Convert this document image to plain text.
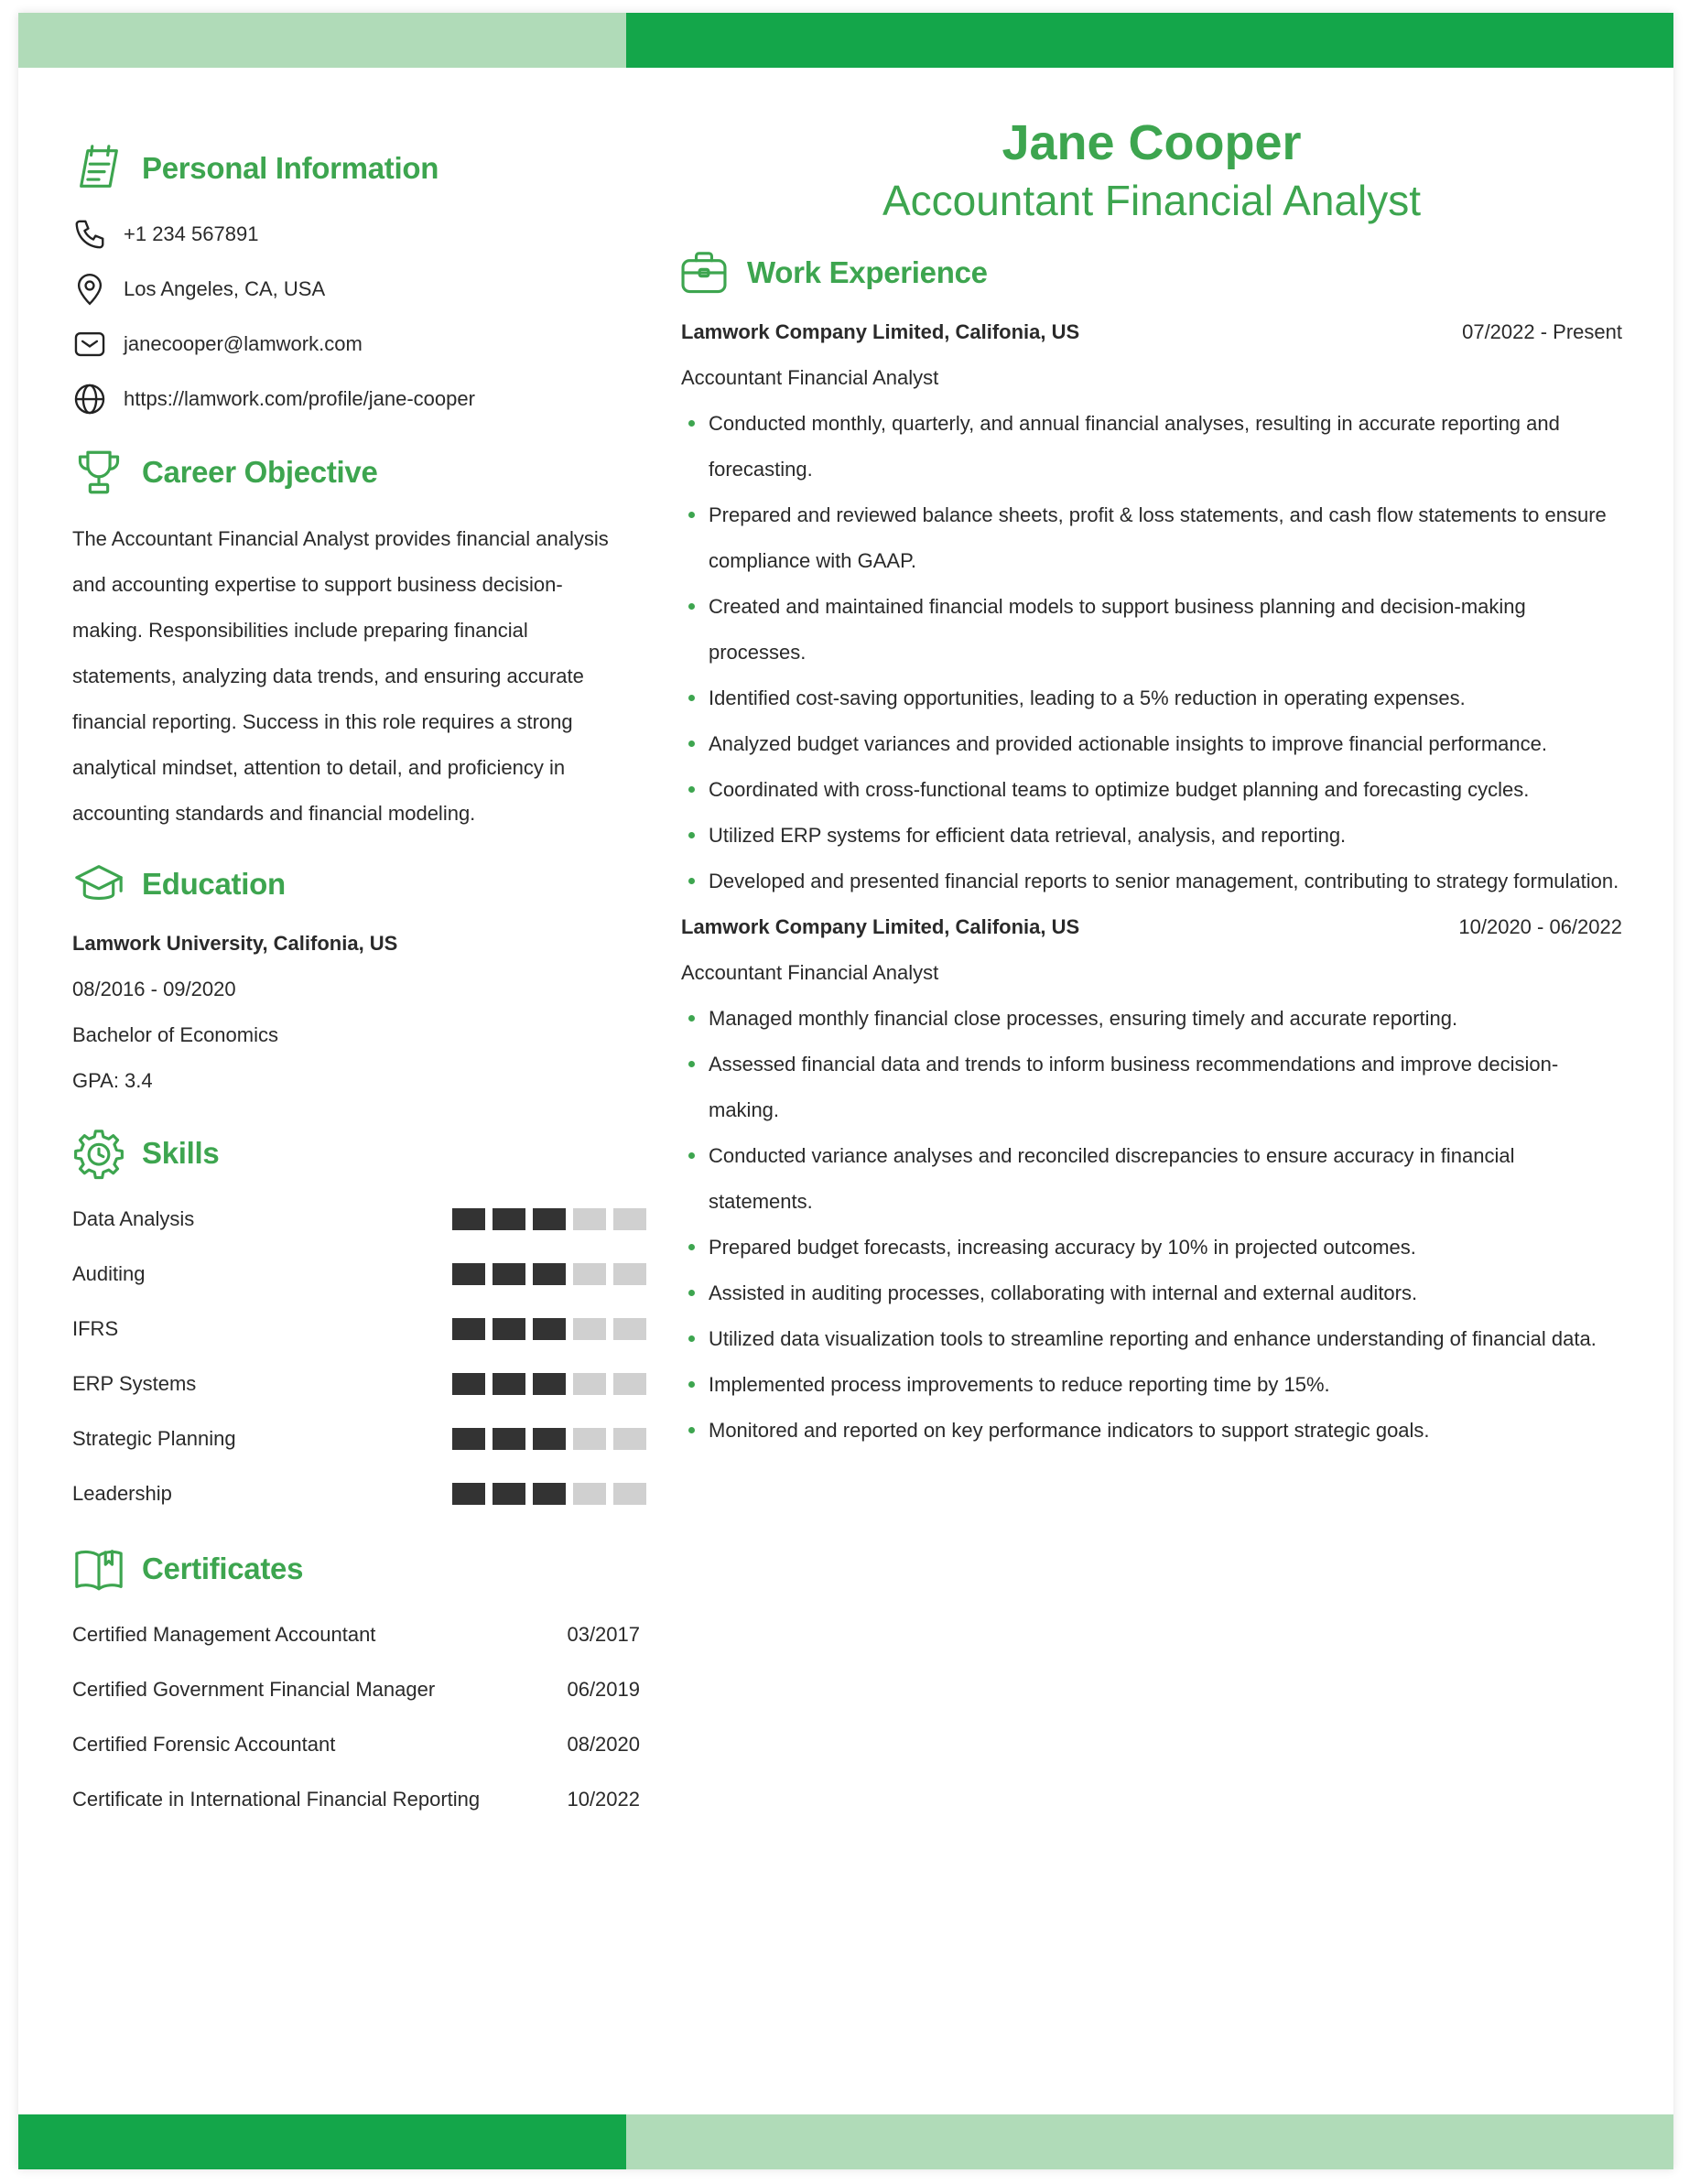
Personal Information
+1 234 567891
Los Angeles, CA, USA
janecooper@lamwork.com
https://lamwork.com/profile/jane-cooper
Career Objective
The Accountant Financial Analyst provides financial analysis
and accounting expertise to support business decision-
making. Responsibilities include preparing financial
statements, analyzing data trends, and ensuring accurate
financial reporting. Success in this role requires a strong
analytical mindset, attention to detail, and proficiency in
accounting standards and financial modeling.
Education
Lamwork University, Califonia, US
08/2016 - 09/2020
Bachelor of Economics
GPA: 3.4
Skills
Data Analysis
Auditing
IFRS
ERP Systems
Strategic Planning
Leadership
Certificates
Certified Management Accountant	03/2017
Certified Government Financial Manager	06/2019
Certified Forensic Accountant	08/2020
Certificate in International Financial Reporting	10/2022
Jane Cooper
Accountant Financial Analyst
Work Experience
Lamwork Company Limited, Califonia, US	07/2022 - Present
Accountant Financial Analyst
Conducted monthly, quarterly, and annual financial analyses, resulting in accurate reporting and
forecasting.
Prepared and reviewed balance sheets, profit & loss statements, and cash flow statements to ensure
compliance with GAAP.
Created and maintained financial models to support business planning and decision-making
processes.
Identified cost-saving opportunities, leading to a 5% reduction in operating expenses.
Analyzed budget variances and provided actionable insights to improve financial performance.
Coordinated with cross-functional teams to optimize budget planning and forecasting cycles.
Utilized ERP systems for efficient data retrieval, analysis, and reporting.
Developed and presented financial reports to senior management, contributing to strategy formulation.
Lamwork Company Limited, Califonia, US	10/2020 - 06/2022
Accountant Financial Analyst
Managed monthly financial close processes, ensuring timely and accurate reporting.
Assessed financial data and trends to inform business recommendations and improve decision-
making.
Conducted variance analyses and reconciled discrepancies to ensure accuracy in financial statements.
Prepared budget forecasts, increasing accuracy by 10% in projected outcomes.
Assisted in auditing processes, collaborating with internal and external auditors.
Utilized data visualization tools to streamline reporting and enhance understanding of financial data.
Implemented process improvements to reduce reporting time by 15%.
Monitored and reported on key performance indicators to support strategic goals.
